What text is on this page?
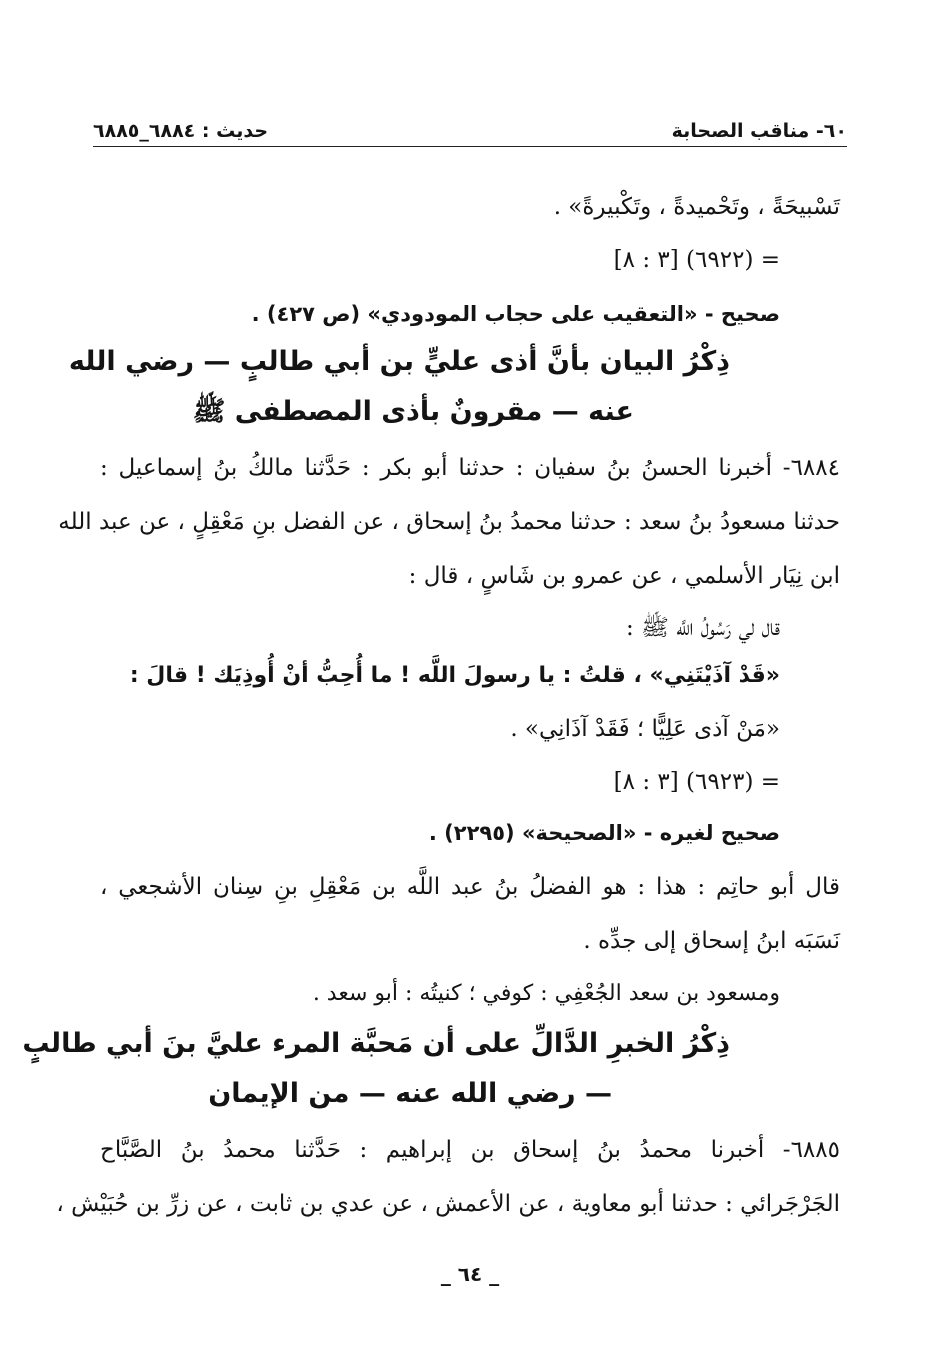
٦٠- مناقب الصحابة
حديث : ٦٨٨٤_٦٨٨٥
تَسْبيحَةً ، وتَحْميدةً ، وتَكْبيرةً» .
= (٦٩٢٢) [٣ : ٨]
صحيح - «التعقيب على حجاب المودودي» (ص ٤٢٧) .
ذِكْرُ البيان بأنَّ أذى عليٍّ بن أبي طالبٍ — رضي الله
عنه — مقرونٌ بأذى المصطفى ﷺ
٦٨٨٤- أخبرنا الحسنُ بنُ سفيان : حدثنا أبو بكر : حَدَّثنا مالكُ بنُ إسماعيل :
حدثنا مسعودُ بنُ سعد : حدثنا محمدُ بنُ إسحاق ، عن الفضل بنِ مَعْقِلٍ ، عن عبد الله
ابن نِيَار الأسلمي ، عن عمرو بن شَاسٍ ، قال :
قال لي رَسُولُ اللَّه ﷺ :
«قَدْ آذَيْتَنِي» ، قلتُ : يا رسولَ اللَّه ! ما أُحِبُّ أنْ أُوذِيَك ! قالَ :
«مَنْ آذى عَلِيًّا ؛ فَقَدْ آذَانِي» .
= (٦٩٢٣) [٣ : ٨]
صحيح لغيره - «الصحيحة» (٢٢٩٥) .
قال أبو حاتِم : هذا : هو الفضلُ بنُ عبد اللَّه بن مَعْقِلِ بنِ سِنان الأشجعي ،
نَسَبَه ابنُ إسحاق إلى جدِّه .
ومسعود بن سعد الجُعْفِي : كوفي ؛ كنيتُه : أبو سعد .
ذِكْرُ الخبرِ الدَّالِّ على أن مَحبَّة المرء عليَّ بنَ أبي طالبٍ
— رضي الله عنه — من الإيمان
٦٨٨٥- أخبرنا محمدُ بنُ إسحاق بن إبراهيم : حَدَّثنا محمدُ بنُ الصَّبَّاح
الجَرْجَرائي : حدثنا أبو معاوية ، عن الأعمش ، عن عدي بن ثابت ، عن زرِّ بن حُبَيْش ،
_ ٦٤ _
